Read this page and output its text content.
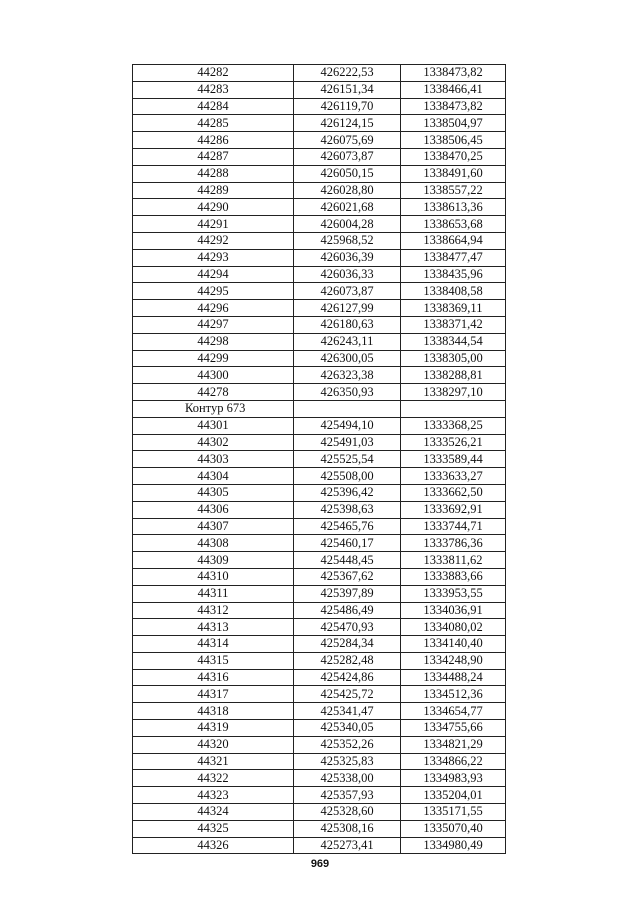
44282	426222,53	1338473,82
44283	426151,34	1338466,41
44284	426119,70	1338473,82
44285	426124,15	1338504,97
44286	426075,69	1338506,45
44287	426073,87	1338470,25
44288	426050,15	1338491,60
44289	426028,80	1338557,22
44290	426021,68	1338613,36
44291	426004,28	1338653,68
44292	425968,52	1338664,94
44293	426036,39	1338477,47
44294	426036,33	1338435,96
44295	426073,87	1338408,58
44296	426127,99	1338369,11
44297	426180,63	1338371,42
44298	426243,11	1338344,54
44299	426300,05	1338305,00
44300	426323,38	1338288,81
44278	426350,93	1338297,10
Контур 673		
44301	425494,10	1333368,25
44302	425491,03	1333526,21
44303	425525,54	1333589,44
44304	425508,00	1333633,27
44305	425396,42	1333662,50
44306	425398,63	1333692,91
44307	425465,76	1333744,71
44308	425460,17	1333786,36
44309	425448,45	1333811,62
44310	425367,62	1333883,66
44311	425397,89	1333953,55
44312	425486,49	1334036,91
44313	425470,93	1334080,02
44314	425284,34	1334140,40
44315	425282,48	1334248,90
44316	425424,86	1334488,24
44317	425425,72	1334512,36
44318	425341,47	1334654,77
44319	425340,05	1334755,66
44320	425352,26	1334821,29
44321	425325,83	1334866,22
44322	425338,00	1334983,93
44323	425357,93	1335204,01
44324	425328,60	1335171,55
44325	425308,16	1335070,40
44326	425273,41	1334980,49
969
